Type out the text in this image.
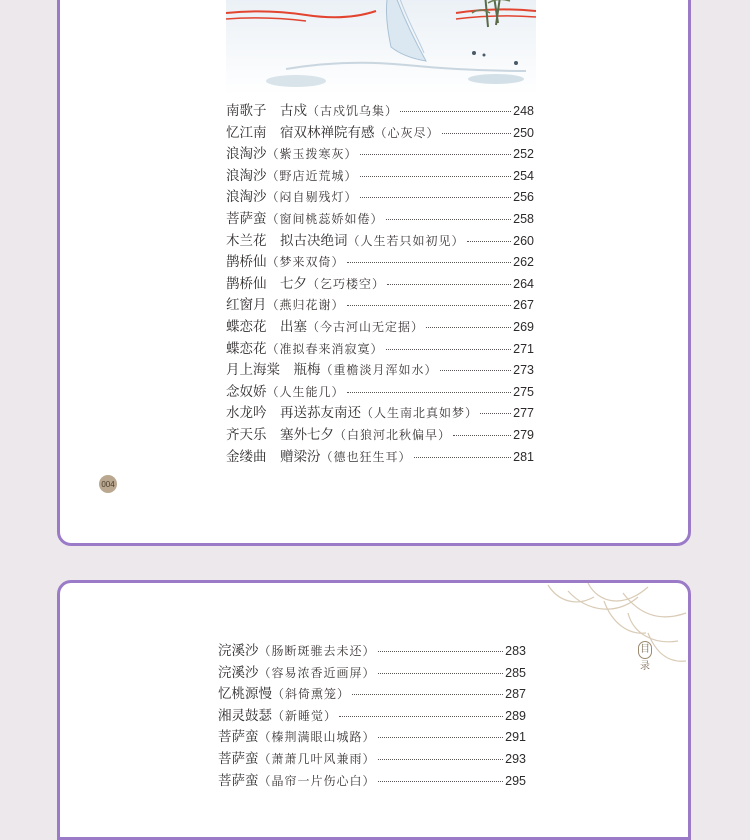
南歌子　古戍 （古戍饥乌集）	248
忆江南　宿双林禅院有感 （心灰尽）	250
浪淘沙 （紫玉拨寒灰）	252
浪淘沙 （野店近荒城）	254
浪淘沙 （闷自剔残灯）	256
菩萨蛮 （窗间桃蕊娇如倦）	258
木兰花　拟古决绝词 （人生若只如初见）	260
鹊桥仙 （梦来双倚）	262
鹊桥仙　七夕 （乞巧楼空）	264
红窗月 （燕归花谢）	267
蝶恋花　出塞 （今古河山无定据）	269
蝶恋花 （准拟春来消寂寞）	271
月上海棠　瓶梅 （重檐淡月浑如水）	273
念奴娇 （人生能几）	275
水龙吟　再送荪友南还 （人生南北真如梦）	277
齐天乐　塞外七夕 （白狼河北秋偏早）	279
金缕曲　赠梁汾 （德也狂生耳）	281
004
目
录
浣溪沙 （肠断斑骓去未还）	283
浣溪沙 （容易浓香近画屏）	285
忆桃源慢 （斜倚熏笼）	287
湘灵鼓瑟 （新睡觉）	289
菩萨蛮 （榛荆满眼山城路）	291
菩萨蛮 （萧萧几叶风兼雨）	293
菩萨蛮 （晶帘一片伤心白）	295
